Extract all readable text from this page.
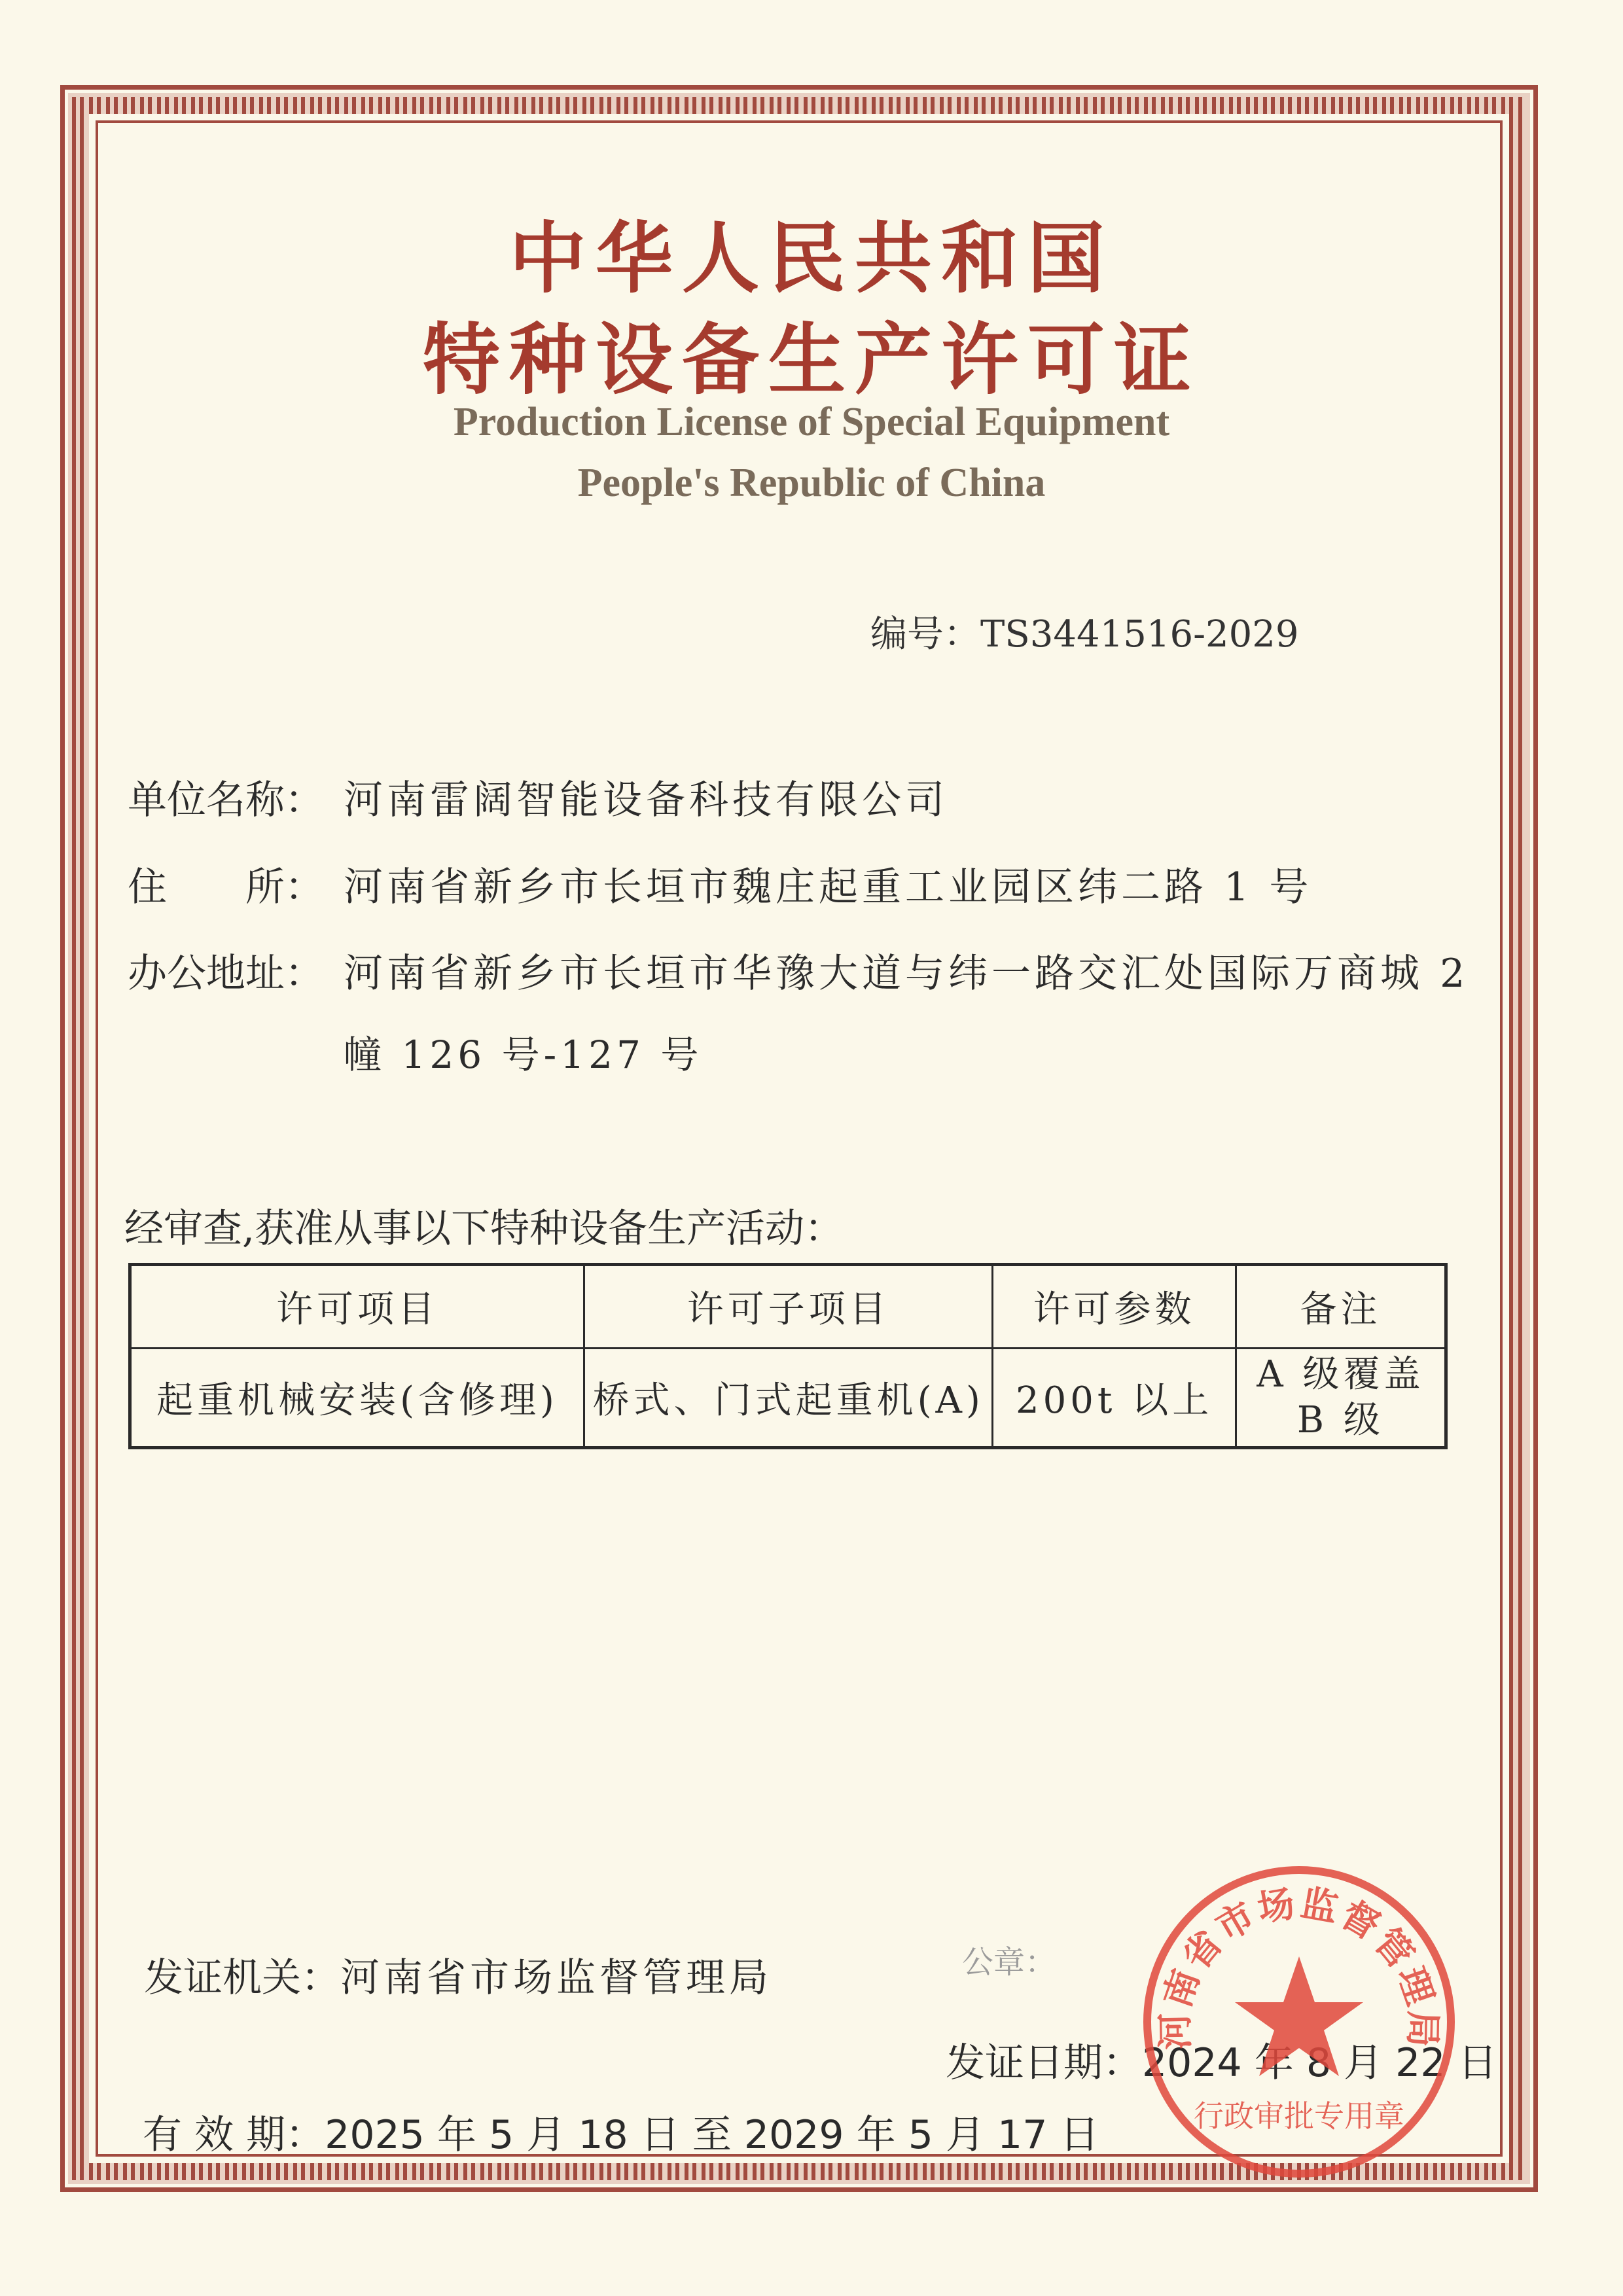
中华人民共和国
特种设备生产许可证
Production License of Special Equipment
People's Republic of China
编号：TS3441516-2029
单位名称： 河南雷阔智能设备科技有限公司
住　　所： 河南省新乡市长垣市魏庄起重工业园区纬二路 1 号
办公地址： 河南省新乡市长垣市华豫大道与纬一路交汇处国际万商城 2
幢 126 号-127 号
经审查,获准从事以下特种设备生产活动：
许可项目	许可子项目	许可参数	备注
起重机械安装(含修理)	桥式、门式起重机(A)	200t 以上	A 级覆盖 B 级
发证机关：河南省市场监督管理局	公章：
发证日期：2024 年 8 月 22 日
有 效 期：2025 年 5 月 18 日 至 2029 年 5 月 17 日
河南省市场监督管理局
行政审批专用章
